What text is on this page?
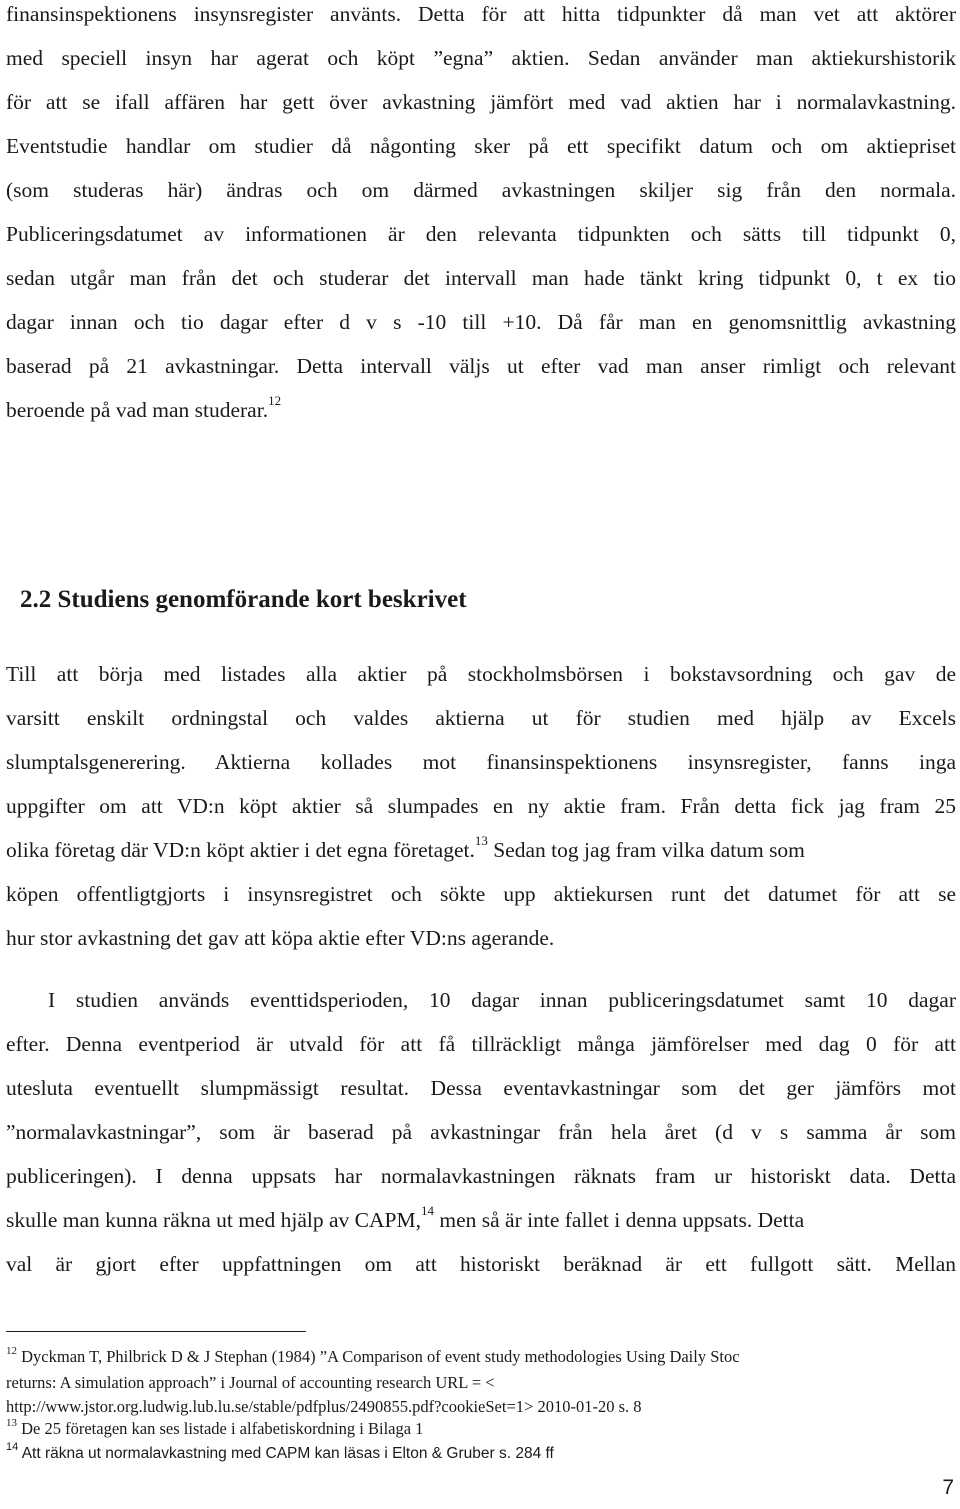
finansinspektionens insynsregister använts. Detta för att hitta tidpunkter då man vet att aktörer
med speciell insyn har agerat och köpt ”egna” aktien. Sedan använder man aktiekurshistorik
för att se ifall affären har gett över avkastning jämfört med vad aktien har i normalavkastning.
Eventstudie handlar om studier då någonting sker på ett specifikt datum och om aktiepriset
(som studeras här) ändras och om därmed avkastningen skiljer sig från den normala.
Publiceringsdatumet av informationen är den relevanta tidpunkten och sätts till tidpunkt 0,
sedan utgår man från det och studerar det intervall man hade tänkt kring tidpunkt 0, t ex tio
dagar innan och tio dagar efter d v s -10 till +10. Då får man en genomsnittlig avkastning
baserad på 21 avkastningar. Detta intervall väljs ut efter vad man anser rimligt och relevant
beroende på vad man studerar.$^{12}$
2.2 Studiens genomförande kort beskrivet
Till att börja med listades alla aktier på stockholmsbörsen i bokstavsordning och gav de
varsitt enskilt ordningstal och valdes aktierna ut för studien med hjälp av Excels
slumptalsgenerering. Aktierna kollades mot finansinspektionens insynsregister, fanns inga
uppgifter om att VD:n köpt aktier så slumpades en ny aktie fram. Från detta fick jag fram 25
olika företag där VD:n köpt aktier i det egna företaget.$^{13}$ Sedan tog jag fram vilka datum som
köpen offentligtgjorts i insynsregistret och sökte upp aktiekursen runt det datumet för att se
hur stor avkastning det gav att köpa aktie efter VD:ns agerande.
I studien används eventtidsperioden, 10 dagar innan publiceringsdatumet samt 10 dagar
efter. Denna eventperiod är utvald för att få tillräckligt många jämförelser med dag 0 för att
utesluta eventuellt slumpmässigt resultat. Dessa eventavkastningar som det ger jämförs mot
”normalavkastningar”, som är baserad på avkastningar från hela året (d v s samma år som
publiceringen). I denna uppsats har normalavkastningen räknats fram ur historiskt data. Detta
skulle man kunna räkna ut med hjälp av CAPM,$^{14}$ men så är inte fallet i denna uppsats. Detta
val är gjort efter uppfattningen om att historiskt beräknad är ett fullgott sätt. Mellan
$^{12}$ Dyckman T, Philbrick D & J Stephan (1984) ”A Comparison of event study methodologies Using Daily Stoc
returns: A simulation approach” i Journal of accounting research URL = <
http://www.jstor.org.ludwig.lub.lu.se/stable/pdfplus/2490855.pdf?cookieSet=1> 2010-01-20 s. 8
$^{13}$ De 25 företagen kan ses listade i alfabetiskordning i Bilaga 1
$^{14}$ Att räkna ut normalavkastning med CAPM kan läsas i Elton & Gruber s. 284 ff
7
